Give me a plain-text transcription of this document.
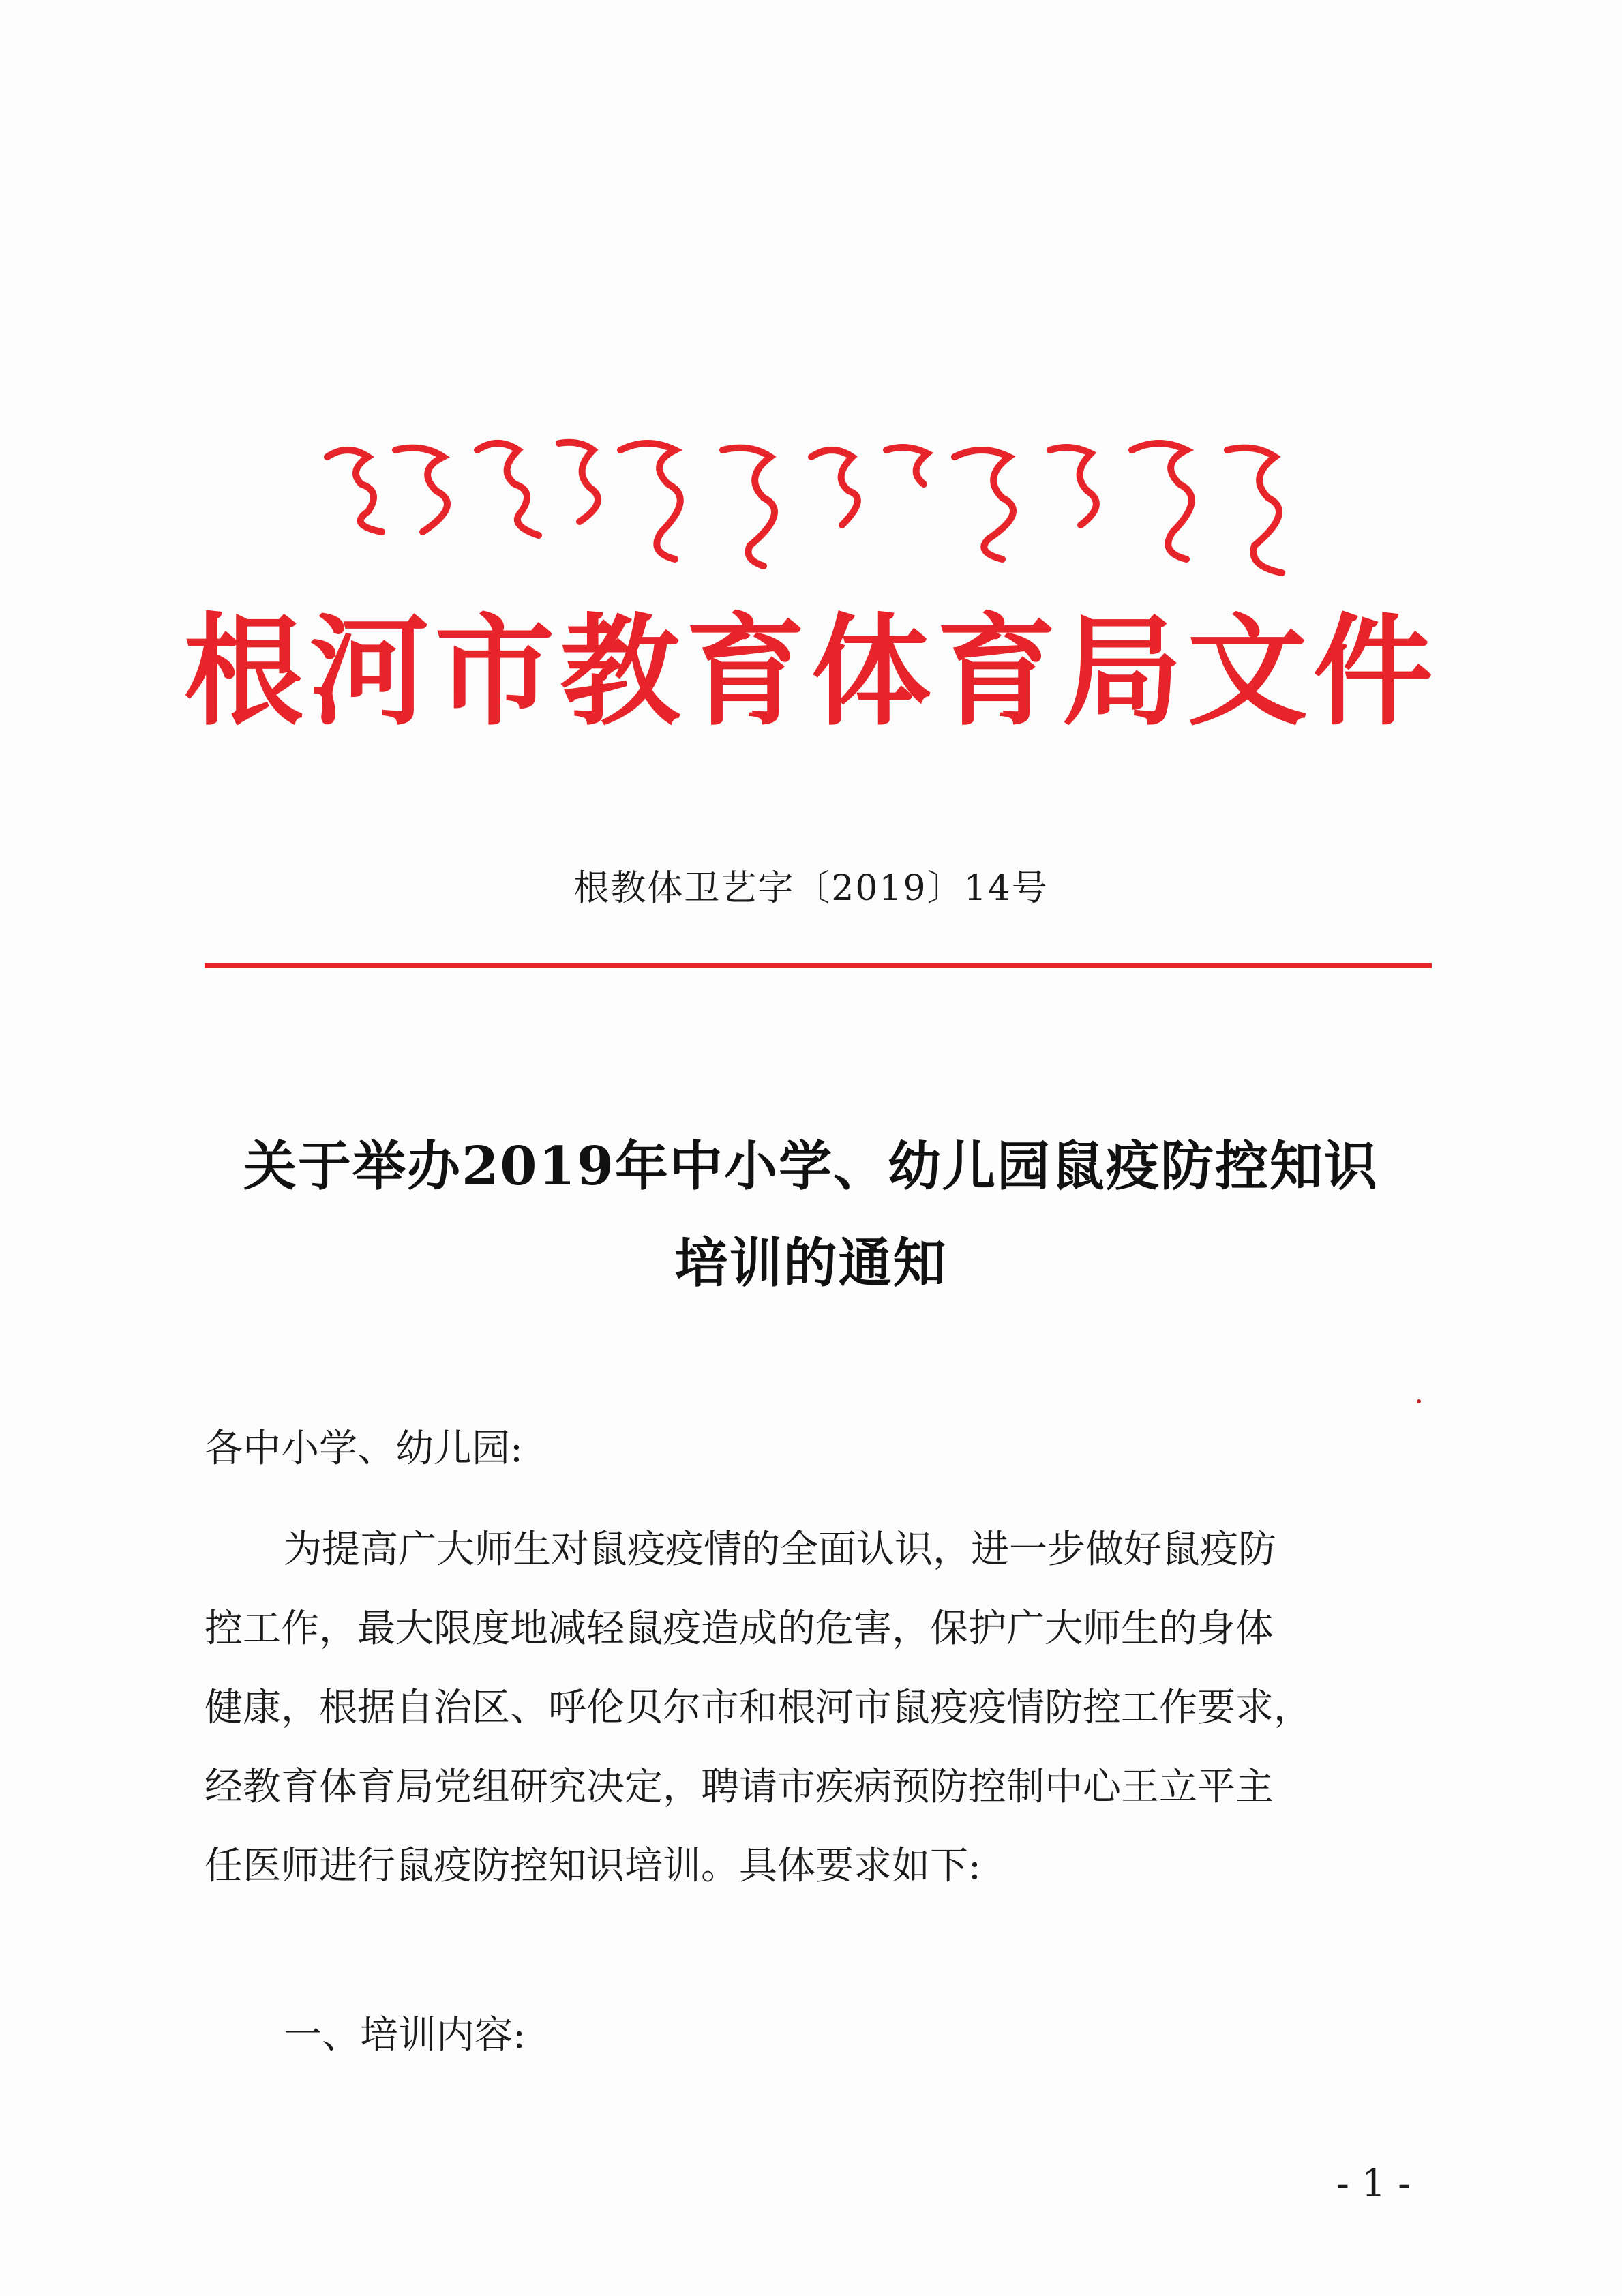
ᠭᠡᠭᠡᠨ ᠭᠣᠣᠯ ᠬᠣᠲᠠ ᠶᠢᠨ ᠪᠣᠯᠪᠠᠰᠤᠷᠠᠯ ᠲᠠᠮᠢᠷ ᠤᠨ ᠲᠣᠪᠴᠢᠶ᠎ᠠ ᠶᠢᠨ ᠪᠢᠴᠢᠭ᠌
根河市教育体育局文件
根教体卫艺字〔2019〕14号
关于举办2019年中小学、幼儿园鼠疫防控知识
培训的通知
各中小学、幼儿园:
为提高广大师生对鼠疫疫情的全面认识，进一步做好鼠疫防
控工作，最大限度地减轻鼠疫造成的危害，保护广大师生的身体
健康，根据自治区、呼伦贝尔市和根河市鼠疫疫情防控工作要求，
经教育体育局党组研究决定，聘请市疾病预防控制中心王立平主
任医师进行鼠疫防控知识培训。具体要求如下:
一、培训内容:
- 1 -
